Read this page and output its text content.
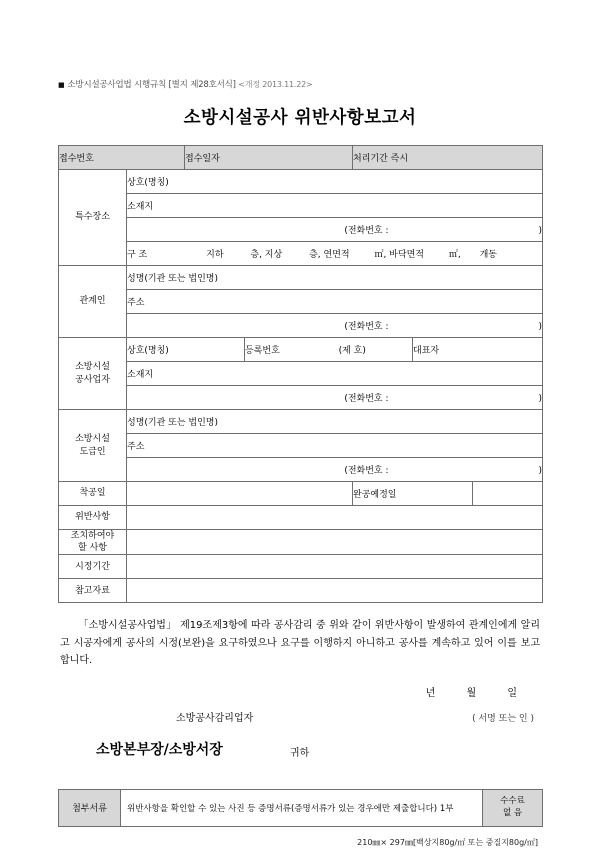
■ 소방시설공사업법 시행규칙 [별지 제28호서식] <개정 2013.11.22>
소방시설공사 위반사항보고서
접수번호		접수일자			처리기간 즉시		
특수장소	상호(명칭)						
	소재지						
	(전화번호 : )						
	구 조 지하 층, 지상 층, 연면적 ㎡, 바닥면적 ㎡, 개동						
관계인	성명(기관 또는 법인명)						
	주소						
	(전화번호 : )						

소방시설
공사업자	상호(명칭)		등록번호	(제 호)		대표자	
	소재지						
	(전화번호 : )						

소방시설
도급인	성명(기관 또는 법인명)						
	주소						
	(전화번호 : )						
착공일					완공예정일		
위반사항							

조치하여야
할 사항							

시정기간							
참고자료							
「소방시설공사업법」 제19조제3항에 따라 공사감리 중 위와 같이 위반사항이 발생하여 관계인에게 알리고 시공자에게 공사의 시정(보완)을 요구하였으나 요구를 이행하지 아니하고 공사를 계속하고 있어 이를 보고합니다.
년	월	일
소방공사감리업자	( 서명 또는 인 )
소방본부장/소방서장	귀하
첨부서류	위반사항을 확인할 수 있는 사진 등 증명서류(증명서류가 있는 경우에만 제출합니다) 1부	
수수료
없 음
210㎜× 297㎜[백상지80g/㎡ 또는 중질지80g/㎡]
